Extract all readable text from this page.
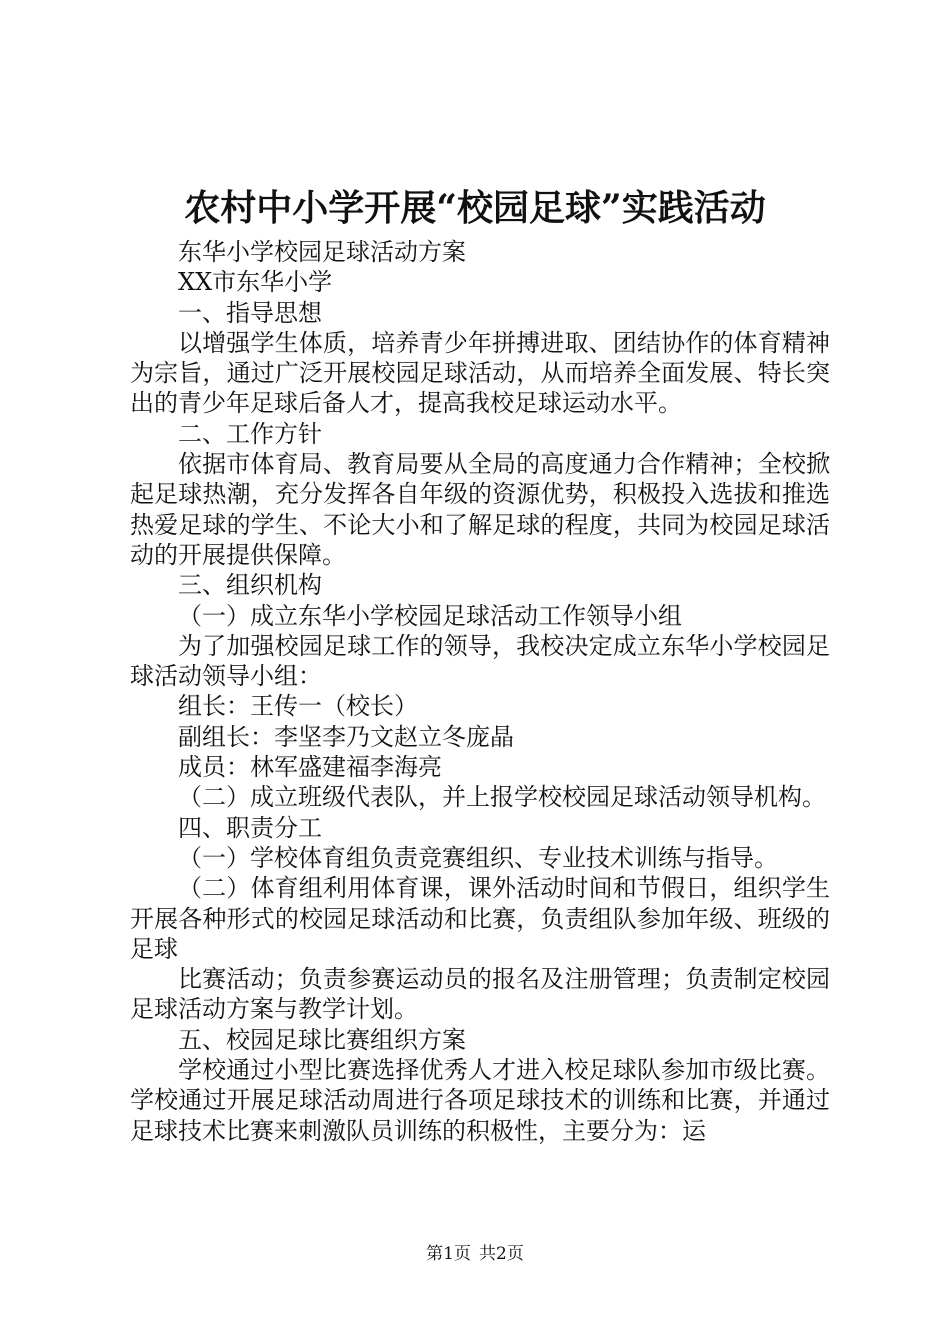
农村中小学开展“校园足球”实践活动

东华小学校园足球活动方案

XX市东华小学

一、指导思想

以增强学生体质，培养青少年拼搏进取、团结协作的体育精神为宗旨，通过广泛开展校园足球活动，从而培养全面发展、特长突出的青少年足球后备人才，提高我校足球运动水平。

二、工作方针

依据市体育局、教育局要从全局的高度通力合作精神；全校掀起足球热潮，充分发挥各自年级的资源优势，积极投入选拔和推选热爱足球的学生、不论大小和了解足球的程度，共同为校园足球活动的开展提供保障。

三、组织机构

（一）成立东华小学校园足球活动工作领导小组

为了加强校园足球工作的领导，我校决定成立东华小学校园足球活动领导小组：

组长：王传一（校长）

副组长：李坚李乃文赵立冬庞晶

成员：林军盛建福李海亮

（二）成立班级代表队，并上报学校校园足球活动领导机构。

四、职责分工

（一）学校体育组负责竞赛组织、专业技术训练与指导。

（二）体育组利用体育课，课外活动时间和节假日，组织学生开展各种形式的校园足球活动和比赛，负责组队参加年级、班级的足球

比赛活动；负责参赛运动员的报名及注册管理；负责制定校园足球活动方案与教学计划。

五、校园足球比赛组织方案

学校通过小型比赛选择优秀人才进入校足球队参加市级比赛。学校通过开展足球活动周进行各项足球技术的训练和比赛，并通过足球技术比赛来刺激队员训练的积极性，主要分为：运

第1页 共2页
